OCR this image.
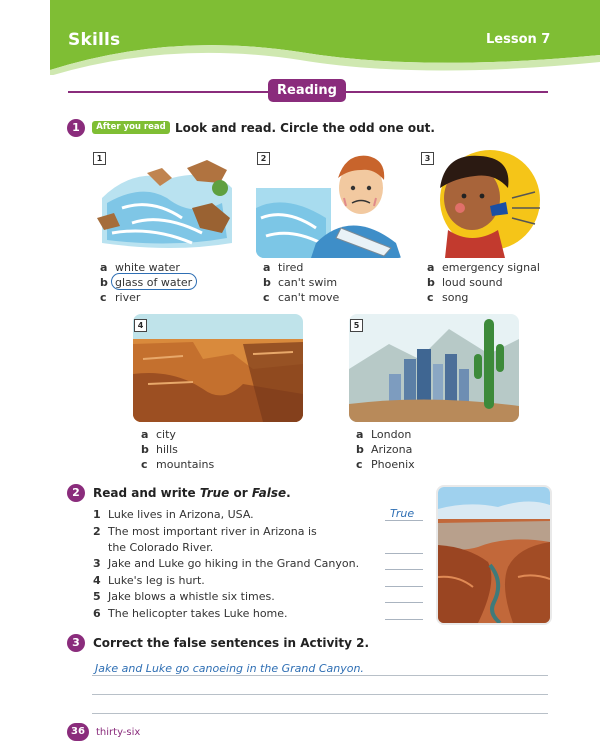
Skills	Lesson 7
Reading
1	After you read Look and read. Circle the odd one out.
1	2	3
a white water
b glass of water
c river
a tired
b can't swim
c can't move
a emergency signal
b loud sound
c song
4	5
a city
b hills
c mountains
a London
b Arizona
c Phoenix
2	Read and write True or False.
1 Luke lives in Arizona, USA.
2 The most important river in Arizona is
the Colorado River.
3 Jake and Luke go hiking in the Grand Canyon.
4 Luke's leg is hurt.
5 Jake blows a whistle six times.
6 The helicopter takes Luke home.
True
3	Correct the false sentences in Activity 2.
Jake and Luke go canoeing in the Grand Canyon.
36	thirty-six
